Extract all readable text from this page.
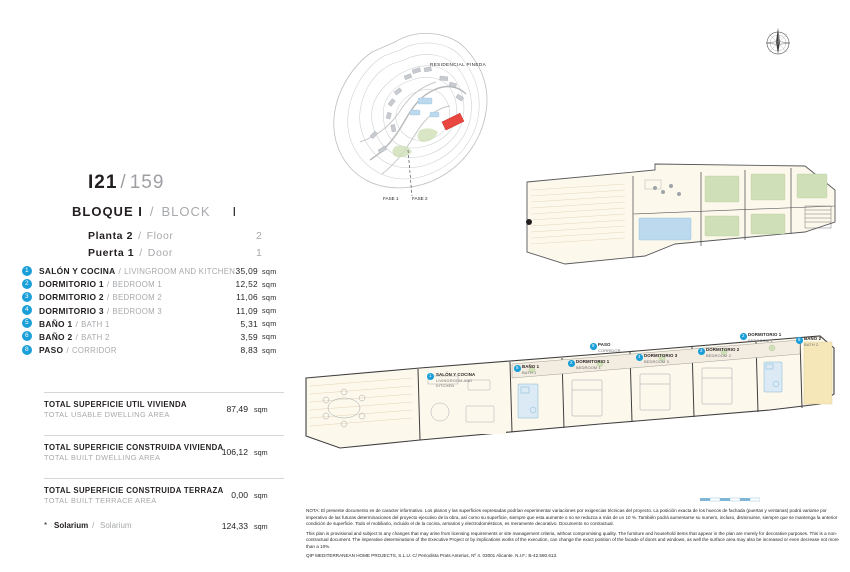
I21 / 159
BLOQUE I / BLOCK I
Planta 2 / Floor	2
Puerta 1 / Door	1
1	SALÓN Y COCINA / LIVINGROOM AND KITCHEN 35,09 sqm
2	DORMITORIO 1 / BEDROOM 1	12,52 sqm
3	DORMITORIO 2 / BEDROOM 2	11,06 sqm
4	DORMITORIO 3 / BEDROOM 3	11,09 sqm
5	BAÑO 1 / BATH 1	5,31 sqm
6	BAÑO 2 / BATH 2	3,59 sqm
8	PASO / CORRIDOR	8,83 sqm
TOTAL SUPERFICIE UTIL VIVIENDA
TOTAL USABLE DWELLING AREA
87,49 sqm
TOTAL SUPERFICIE CONSTRUIDA VIVIENDA
TOTAL BUILT DWELLING AREA
106,12 sqm
TOTAL SUPERFICIE CONSTRUIDA TERRAZA
TOTAL BUILT TERRACE AREA
0,00 sqm
* Solarium / Solarium	124,33 sqm
RESIDENCIAL PINEDA
FASE 1	FASE 2
1	SALÓN Y COCINA
LIVINGROOM AND KITCHEN
5 BAÑO 1
BATH 1
2 DORMITORIO 1
BEDROOM 1
8 PASO
CORRIDOR
4 DORMITORIO 3
BEDROOM 3
3 DORMITORIO 2
BEDROOM 2
2 DORMITORIO 1
BEDROOM 1	6 BAÑO 2
BATH 2

NOTA: El presente documento es de caracter informativo. Los planos y las superficies expresadas podrían experimentar variaciones por exigencias técnicas del proyecto. La posición exacta de los huecos de fachada (puertas y ventanas) podrá variarse por imperativo de las futuras determinaciones del proyecto ejecutivo de la obra, así como su superficie, siempre que esta aumente o no se reduzca a más de un 10 %. También podrá aumentarse su numero, incluso, disminuirse, siempre que se mantenga la anterior condición de superficie. Todo el mobiliario, incluido el de la cocina, armarios y electrodomésticos, es meramente decorativo. Documento no contractual.

This plan is provisional and subject to any changes that may arise from licensing requirements or site management criteria, without compromising quality. The furniture and household items that appear in the plan are merely for decorative purposes. This is a non-contractual document. The imperative determinations of the Executive Project or by implications works of the execution, can change the exact position of the facade of doors and windows, as well the surface area may also be increased or even decrease not more than a 10%.

QIP MEDITERRANEAN HOME PROJECTS, S.L.U. C/ Periodista Prats Anterius, Nº 4. 03001 Alicante. N.I.F.: B-42.580.613.
